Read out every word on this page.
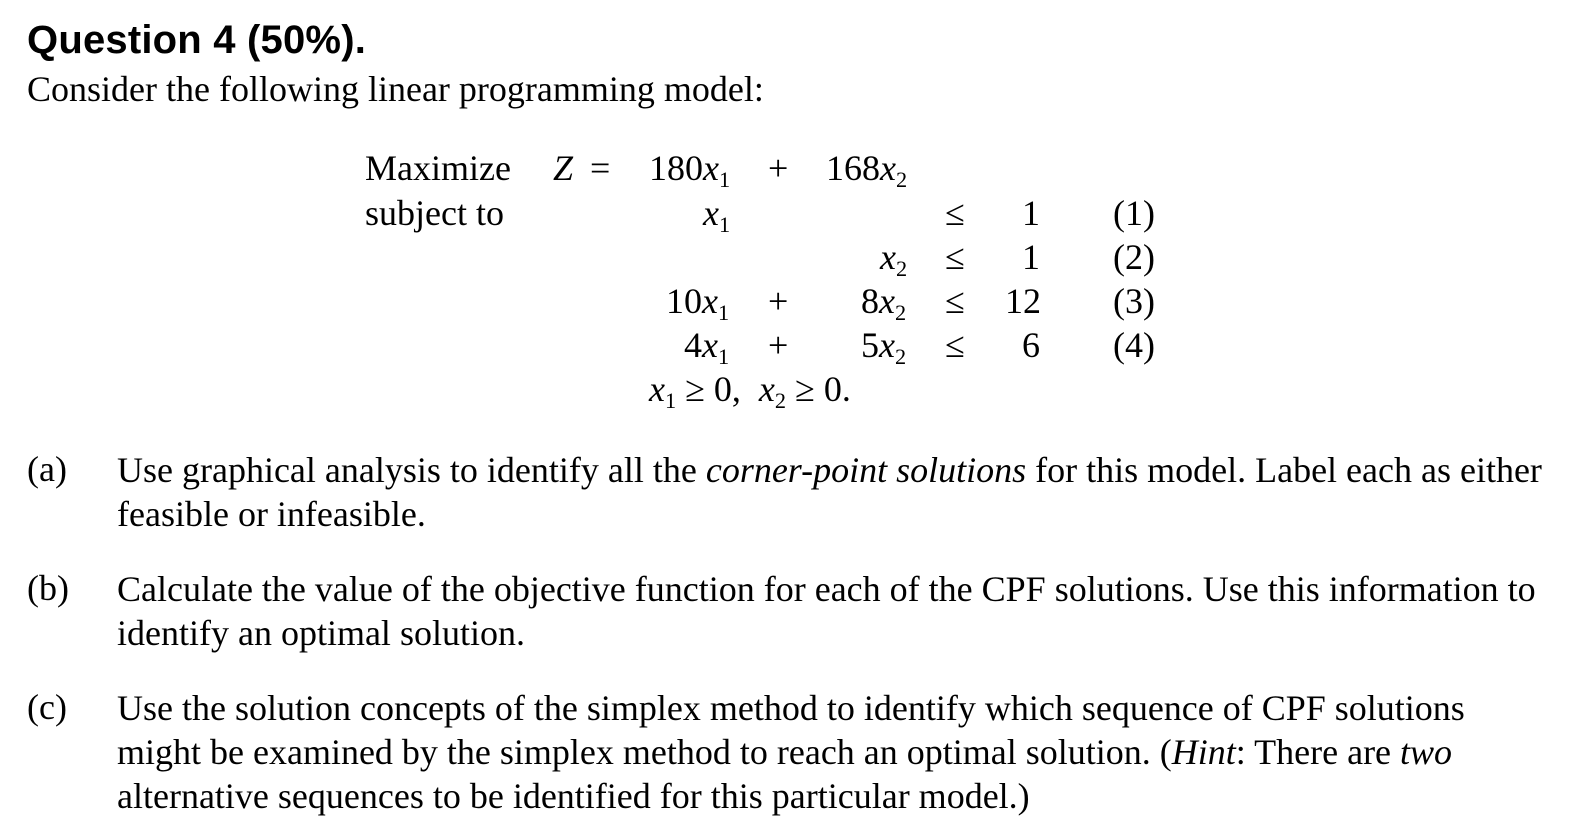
Question 4 (50%).
Consider the following linear programming model:
Maximize Z = 180x1 + 168x2
subject to	x1	≤ 1 (1)
x2 ≤ 1 (2)
10x1 + 8x2 ≤ 12 (3)
4x1 + 5x2 ≤ 6 (4)
x1 ≥ 0, x2 ≥ 0.
(a) Use graphical analysis to identify all the corner-point solutions for this model. Label each as either feasible or infeasible.

(b) Calculate the value of the objective function for each of the CPF solutions. Use this information to identify an optimal solution.

(c) Use the solution concepts of the simplex method to identify which sequence of CPF solutions might be examined by the simplex method to reach an optimal solution. (Hint: There are two alternative sequences to be identified for this particular model.)
